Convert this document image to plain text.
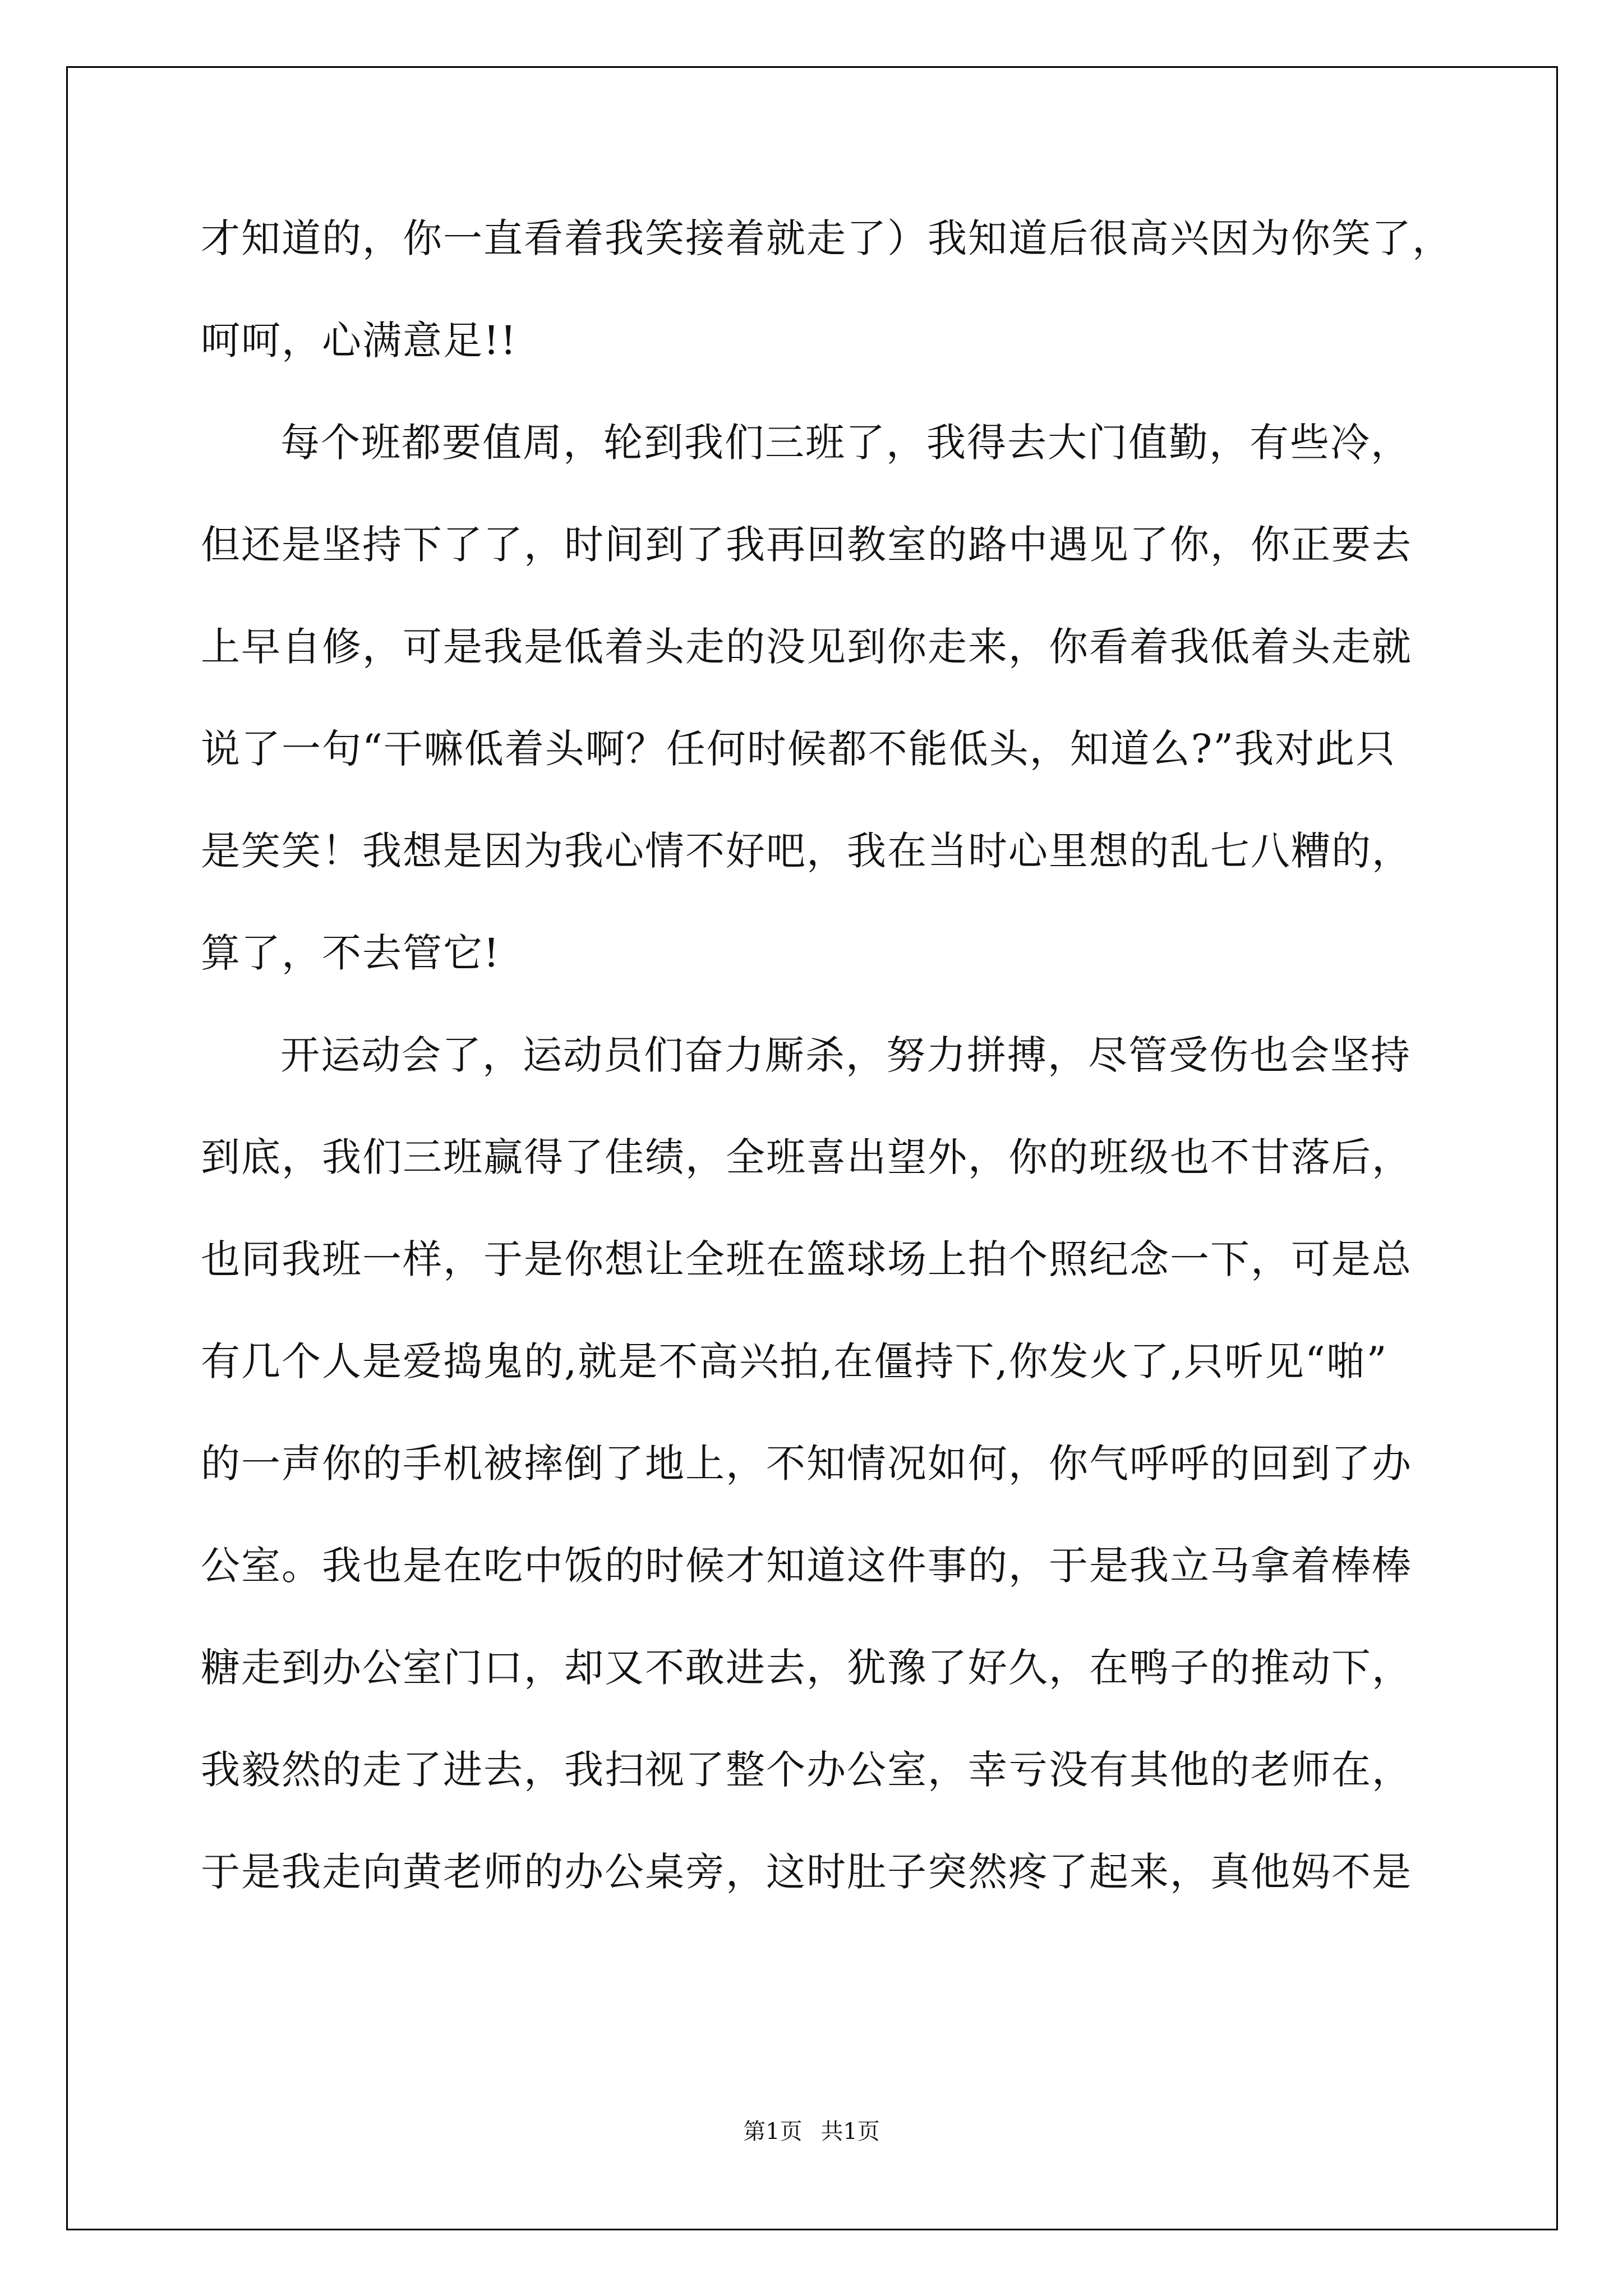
才知道的，你一直看着我笑接着就走了）我知道后很高兴因为你笑了，
呵呵，心满意足!!
每个班都要值周，轮到我们三班了，我得去大门值勤，有些冷，
但还是坚持下了了，时间到了我再回教室的路中遇见了你，你正要去
上早自修，可是我是低着头走的没见到你走来，你看着我低着头走就
说了一句“干嘛低着头啊？任何时候都不能低头，知道么?”我对此只
是笑笑！我想是因为我心情不好吧，我在当时心里想的乱七八糟的，
算了，不去管它!
开运动会了，运动员们奋力厮杀，努力拼搏，尽管受伤也会坚持
到底，我们三班赢得了佳绩，全班喜出望外，你的班级也不甘落后，
也同我班一样，于是你想让全班在篮球场上拍个照纪念一下，可是总
有几个人是爱捣鬼的,就是不高兴拍,在僵持下,你发火了,只听见“啪”
的一声你的手机被摔倒了地上，不知情况如何，你气呼呼的回到了办
公室。我也是在吃中饭的时候才知道这件事的，于是我立马拿着棒棒
糖走到办公室门口，却又不敢进去，犹豫了好久，在鸭子的推动下，
我毅然的走了进去，我扫视了整个办公室，幸亏没有其他的老师在，
于是我走向黄老师的办公桌旁，这时肚子突然疼了起来，真他妈不是
第1页 共1页
